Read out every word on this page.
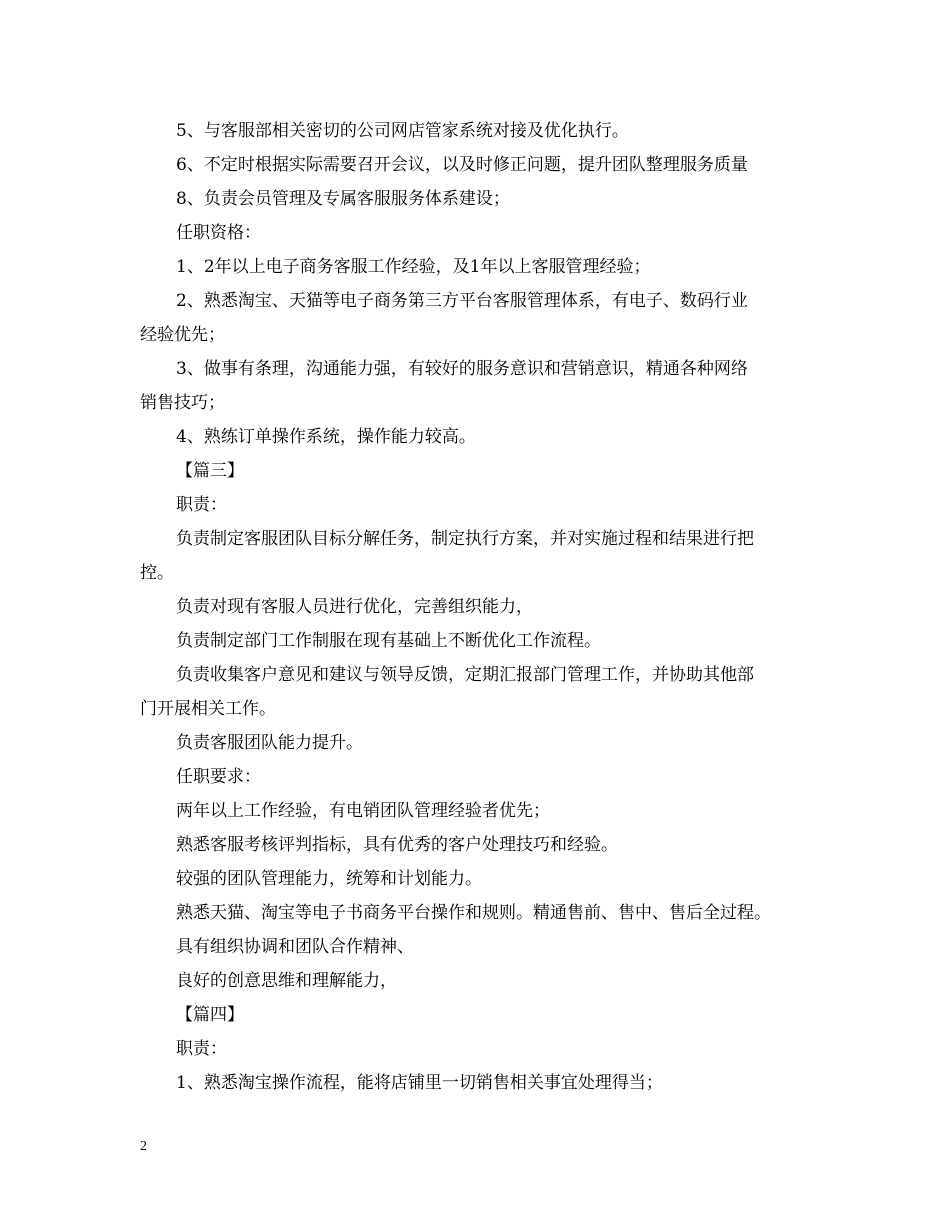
5、与客服部相关密切的公司网店管家系统对接及优化执行。
6、不定时根据实际需要召开会议，以及时修正问题，提升团队整理服务质量
8、负责会员管理及专属客服服务体系建设；
任职资格：
1、2年以上电子商务客服工作经验，及1年以上客服管理经验；
2、熟悉淘宝、天猫等电子商务第三方平台客服管理体系，有电子、数码行业
经验优先；
3、做事有条理，沟通能力强，有较好的服务意识和营销意识，精通各种网络
销售技巧；
4、熟练订单操作系统，操作能力较高。
【篇三】
职责：
负责制定客服团队目标分解任务，制定执行方案，并对实施过程和结果进行把
控。
负责对现有客服人员进行优化，完善组织能力，
负责制定部门工作制服在现有基础上不断优化工作流程。
负责收集客户意见和建议与领导反馈，定期汇报部门管理工作，并协助其他部
门开展相关工作。
负责客服团队能力提升。
任职要求：
两年以上工作经验，有电销团队管理经验者优先；
熟悉客服考核评判指标，具有优秀的客户处理技巧和经验。
较强的团队管理能力，统筹和计划能力。
熟悉天猫、淘宝等电子书商务平台操作和规则。精通售前、售中、售后全过程。
具有组织协调和团队合作精神、
良好的创意思维和理解能力，
【篇四】
职责：
1、熟悉淘宝操作流程，能将店铺里一切销售相关事宜处理得当；
2
